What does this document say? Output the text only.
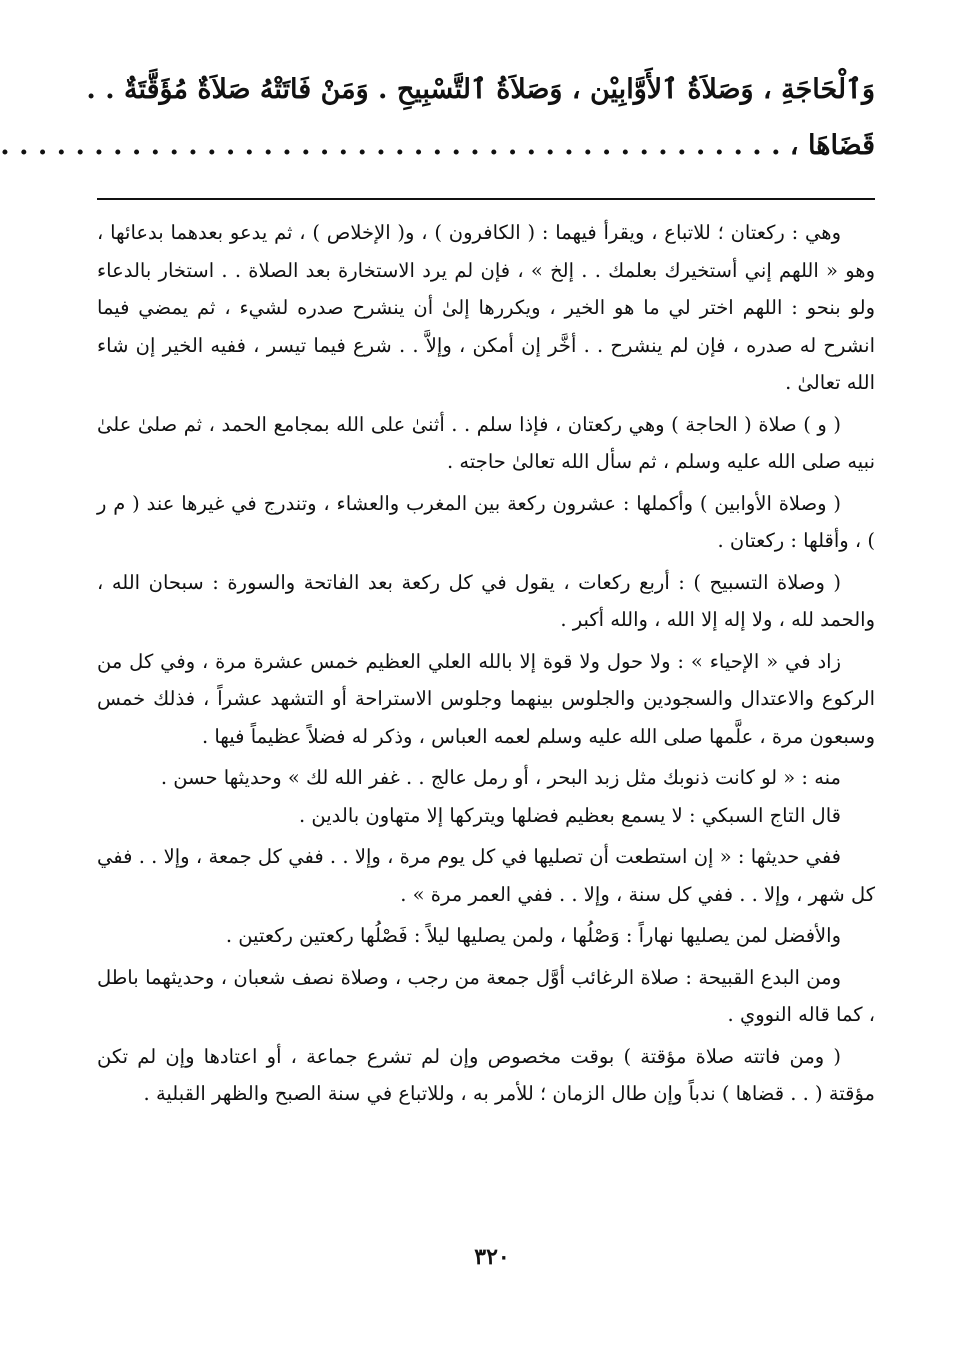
وَٱلْحَاجَةِ ، وَصَلاَةُ ٱلأَوَّابِيْن ، وَصَلاَةُ ٱلتَّسْبِيحِ . وَمَنْ فَاتَتْهُ صَلاَةٌ مُؤَقَّتَةٌ . .
قَضَاهَا ، . . . . . . . . . . . . . . . . . . . . . . . . . . . . . . . . . . . . . . . . . .

وهي : ركعتان ؛ للاتباع ، ويقرأ فيهما : ( الكافرون ) ، و( الإخلاص ) ، ثم يدعو بعدهما بدعائها ، وهو « اللهم إني أستخيرك بعلمك . . إلخ » ، فإن لم يرد الاستخارة بعد الصلاة . . استخار بالدعاء ولو بنحو : اللهم اختر لي ما هو الخير ، ويكررها إلىٰ أن ينشرح صدره لشيء ، ثم يمضي فيما انشرح له صدره ، فإن لم ينشرح . . أخَّر إن أمكن ، وإلاَّ . . شرع فيما تيسر ، ففيه الخير إن شاء الله تعالىٰ .

( و ) صلاة ( الحاجة ) وهي ركعتان ، فإذا سلم . . أثنىٰ على الله بمجامع الحمد ، ثم صلىٰ علىٰ نبيه صلى الله عليه وسلم ، ثم سأل الله تعالىٰ حاجته .

( وصلاة الأوابين ) وأكملها : عشرون ركعة بين المغرب والعشاء ، وتندرج في غيرها عند ( م ر ) ، وأقلها : ركعتان .

( وصلاة التسبيح ) : أربع ركعات ، يقول في كل ركعة بعد الفاتحة والسورة : سبحان الله ، والحمد لله ، ولا إله إلا الله ، والله أكبر .

زاد في « الإحياء » : ولا حول ولا قوة إلا بالله العلي العظيم خمس عشرة مرة ، وفي كل من الركوع والاعتدال والسجودين والجلوس بينهما وجلوس الاستراحة أو التشهد عشراً ، فذلك خمس وسبعون مرة ، علَّمها صلى الله عليه وسلم لعمه العباس ، وذكر له فضلاً عظيماً فيها .

منه : « لو كانت ذنوبك مثل زبد البحر ، أو رمل عالج . . غفر الله لك » وحديثها حسن .

قال التاج السبكي : لا يسمع بعظيم فضلها ويتركها إلا متهاون بالدين .

ففي حديثها : « إن استطعت أن تصليها في كل يوم مرة ، وإلا . . ففي كل جمعة ، وإلا . . ففي كل شهر ، وإلا . . ففي كل سنة ، وإلا . . ففي العمر مرة » .

والأفضل لمن يصليها نهاراً : وَصْلُها ، ولمن يصليها ليلاً : فَصْلُها ركعتين ركعتين .

ومن البدع القبيحة : صلاة الرغائب أوَّل جمعة من رجب ، وصلاة نصف شعبان ، وحديثهما باطل ، كما قاله النووي .

( ومن فاتته صلاة مؤقتة ) بوقت مخصوص وإن لم تشرع جماعة ، أو اعتادها وإن لم تكن مؤقتة ( . . قضاها ) ندباً وإن طال الزمان ؛ للأمر به ، وللاتباع في سنة الصبح والظهر القبلية .

٣٢٠
